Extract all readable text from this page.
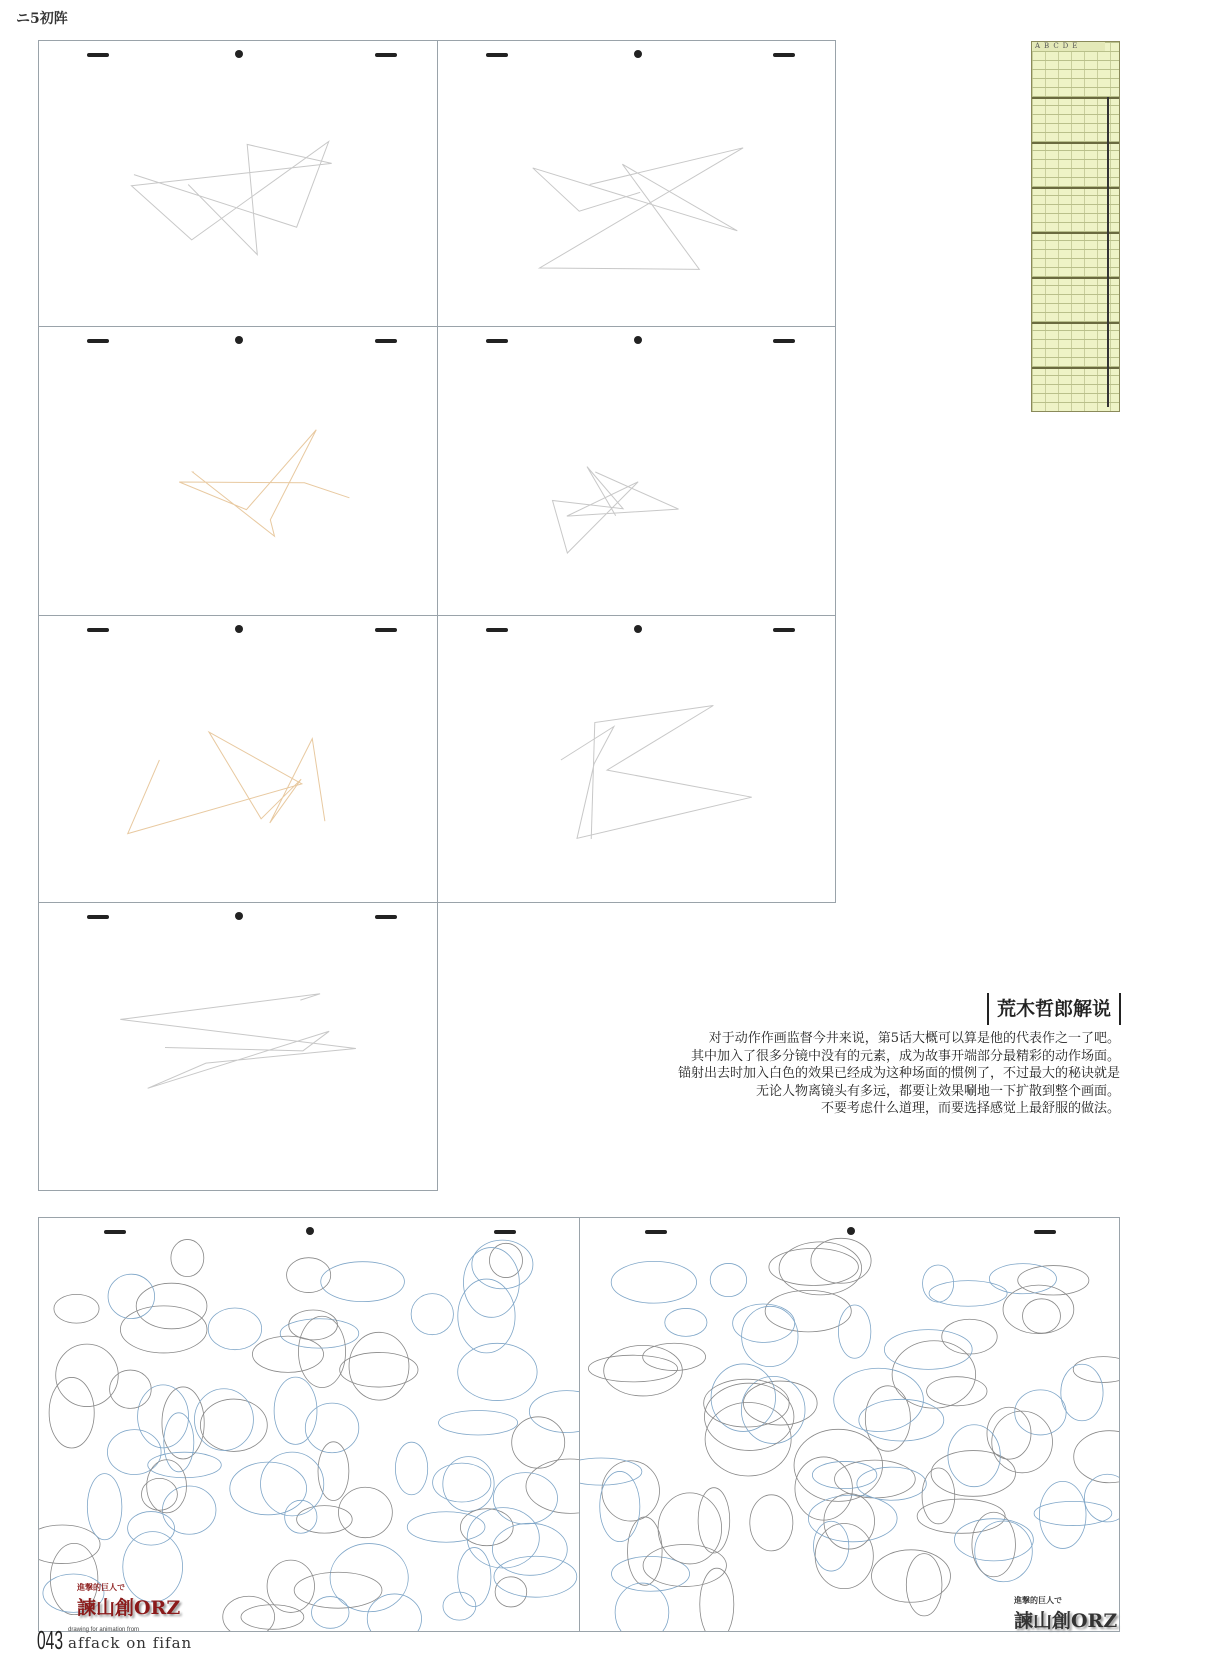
ニ5初阵
ABCDE
荒木哲郎解说
对于动作作画监督今井来说，第5话大概可以算是他的代表作之一了吧。
其中加入了很多分镜中没有的元素，成为故事开端部分最精彩的动作场面。
锚射出去时加入白色的效果已经成为这种场面的惯例了，不过最大的秘诀就是
无论人物离镜头有多远，都要让效果唰地一下扩散到整个画面。
不要考虑什么道理，而要选择感觉上最舒服的做法。
進撃的巨人で
諫山創ORZ
043 drawing for animation from
affack on fifan
進撃的巨人で
諫山創ORZ
